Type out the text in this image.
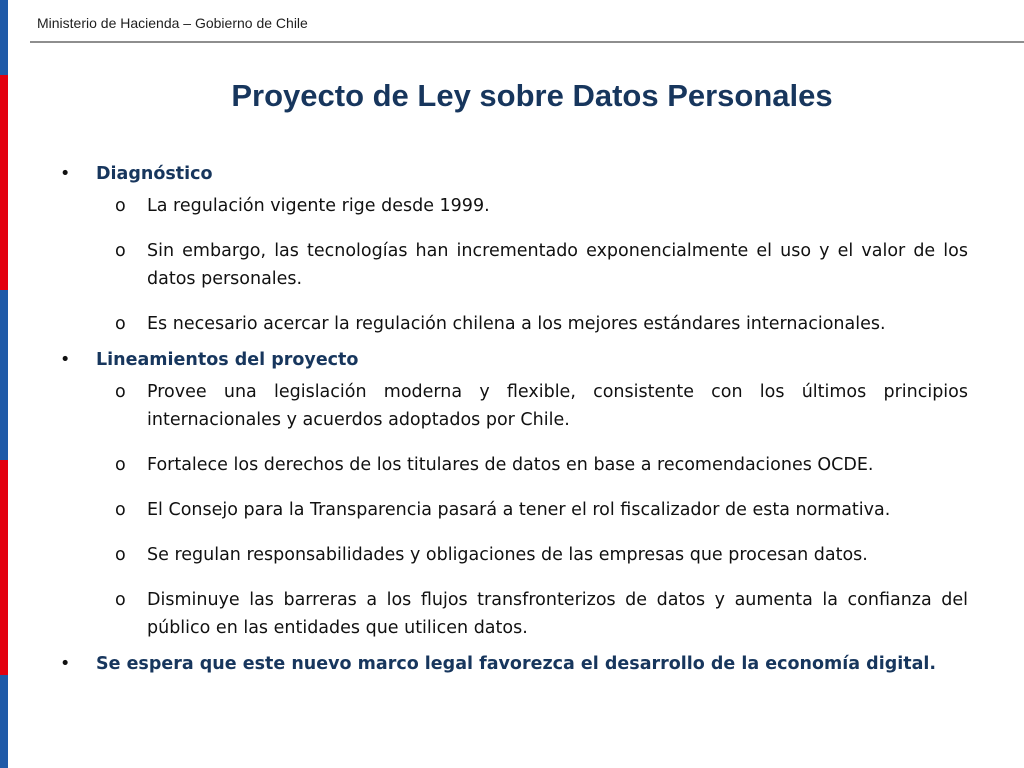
Ministerio de Hacienda – Gobierno de Chile
Proyecto de Ley sobre Datos Personales
•	Diagnóstico
o	La regulación vigente rige desde 1999.
o	Sin embargo, las tecnologías han incrementado exponencialmente el uso y el valor de los datos personales.
o	Es necesario acercar la regulación chilena a los mejores estándares internacionales.
•	Lineamientos del proyecto
o	Provee una legislación moderna y flexible, consistente con los últimos principios internacionales y acuerdos adoptados por Chile.
o	Fortalece los derechos de los titulares de datos en base a recomendaciones OCDE.
o	El Consejo para la Transparencia pasará a tener el rol fiscalizador de esta normativa.
o	Se regulan responsabilidades y obligaciones de las empresas que procesan datos.
o	Disminuye las barreras a los flujos transfronterizos de datos y aumenta la confianza del público en las entidades que utilicen datos.
•	Se espera que este nuevo marco legal favorezca el desarrollo de la economía digital.
